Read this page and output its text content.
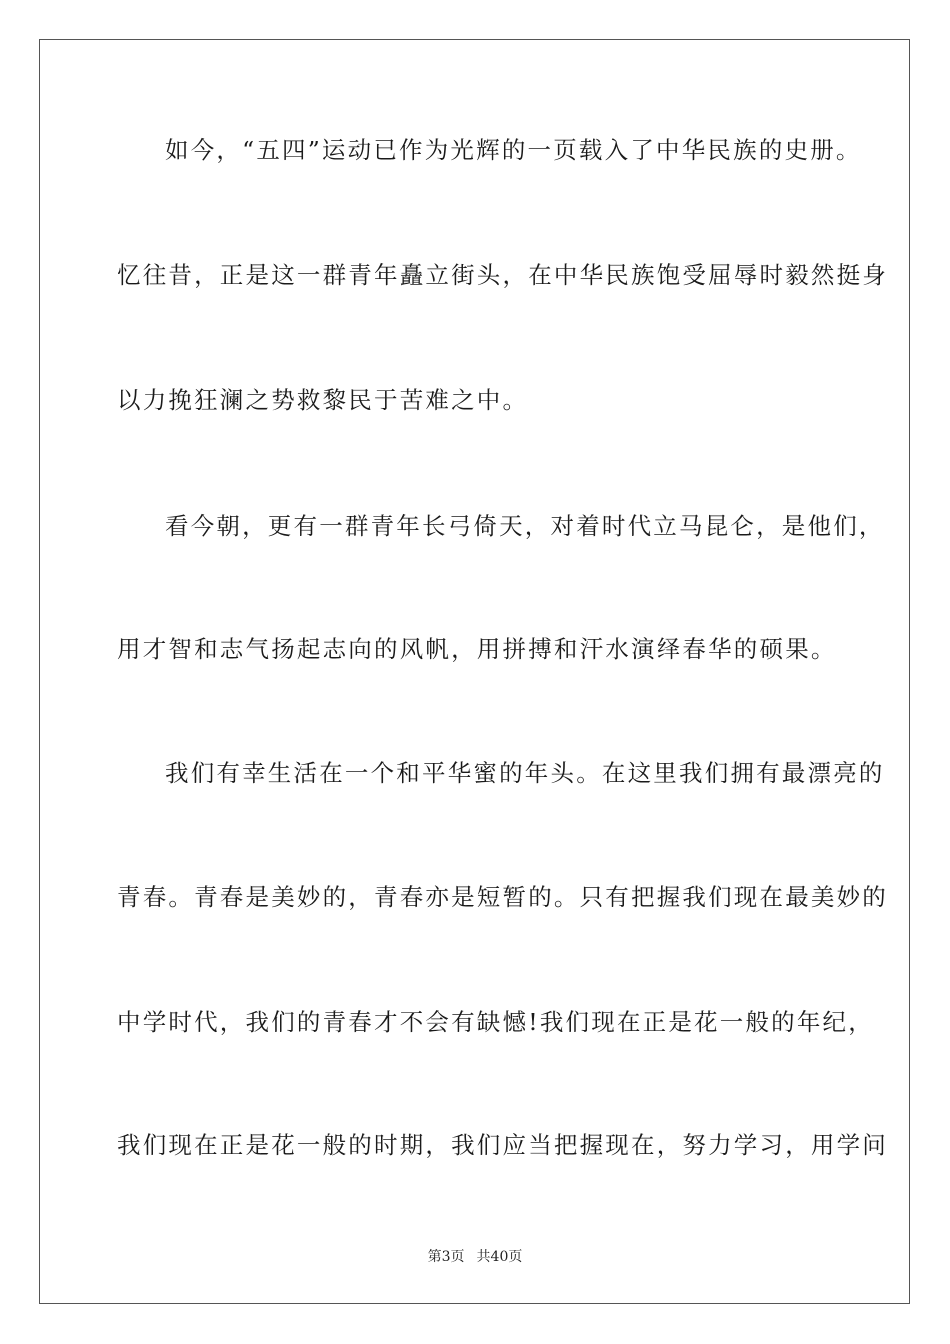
如今，“五四”运动已作为光辉的一页载入了中华民族的史册。
忆往昔，正是这一群青年矗立街头，在中华民族饱受屈辱时毅然挺身
以力挽狂澜之势救黎民于苦难之中。
看今朝，更有一群青年长弓倚天，对着时代立马昆仑，是他们，
用才智和志气扬起志向的风帆，用拼搏和汗水演绎春华的硕果。
我们有幸生活在一个和平华蜜的年头。在这里我们拥有最漂亮的
青春。青春是美妙的，青春亦是短暂的。只有把握我们现在最美妙的
中学时代，我们的青春才不会有缺憾!我们现在正是花一般的年纪，
我们现在正是花一般的时期，我们应当把握现在，努力学习，用学问
第3页 共40页
